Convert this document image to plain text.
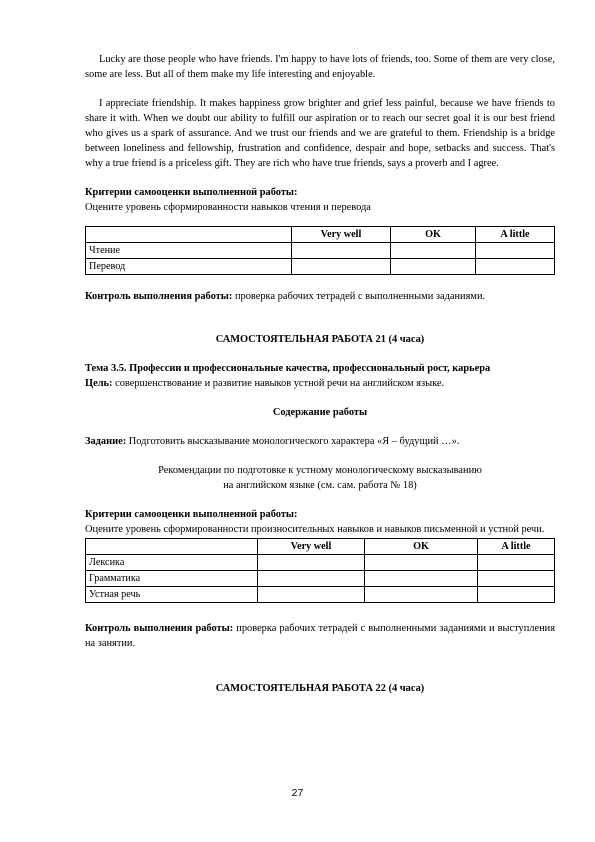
Lucky are those people who have friends. I'm happy to have lots of friends, too. Some of them are very close, some are less. But all of them make my life interesting and enjoyable.

I appreciate friendship. It makes happiness grow brighter and grief less painful, because we have friends to share it with. When we doubt our ability to fulfill our aspiration or to reach our secret goal it is our best friend who gives us a spark of assurance. And we trust our friends and we are grateful to them. Friendship is a bridge between loneliness and fellowship, frustration and confidence, despair and hope, setbacks and success. That's why a true friend is a priceless gift. They are rich who have true friends, says a proverb and I agree.

Критерии самооценки выполненной работы:

Оцените уровень сформированности навыков чтения и перевода

	Very well	OK	A little
Чтение			
Перевод			

Контроль выполнения работы: проверка рабочих тетрадей с выполненными заданиями.

САМОСТОЯТЕЛЬНАЯ РАБОТА 21 (4 часа)

Тема 3.5. Профессии и профессиональные качества, профессиональный рост, карьера

Цель: совершенствование и развитие навыков устной речи на английском языке.

Содержание работы

Задание: Подготовить высказывание монологического характера «Я – будущий …».

Рекомендации по подготовке к устному монологическому высказыванию

на английском языке (см. сам. работа № 18)

Критерии самооценки выполненной работы:

Оцените уровень сформированности произносительных навыков и навыков письменной и устной речи.

	Very well	OK	A little
Лексика			
Грамматика			
Устная речь			

Контроль выполнения работы: проверка рабочих тетрадей с выполненными заданиями и выступления на занятии.

САМОСТОЯТЕЛЬНАЯ РАБОТА 22 (4 часа)

27
